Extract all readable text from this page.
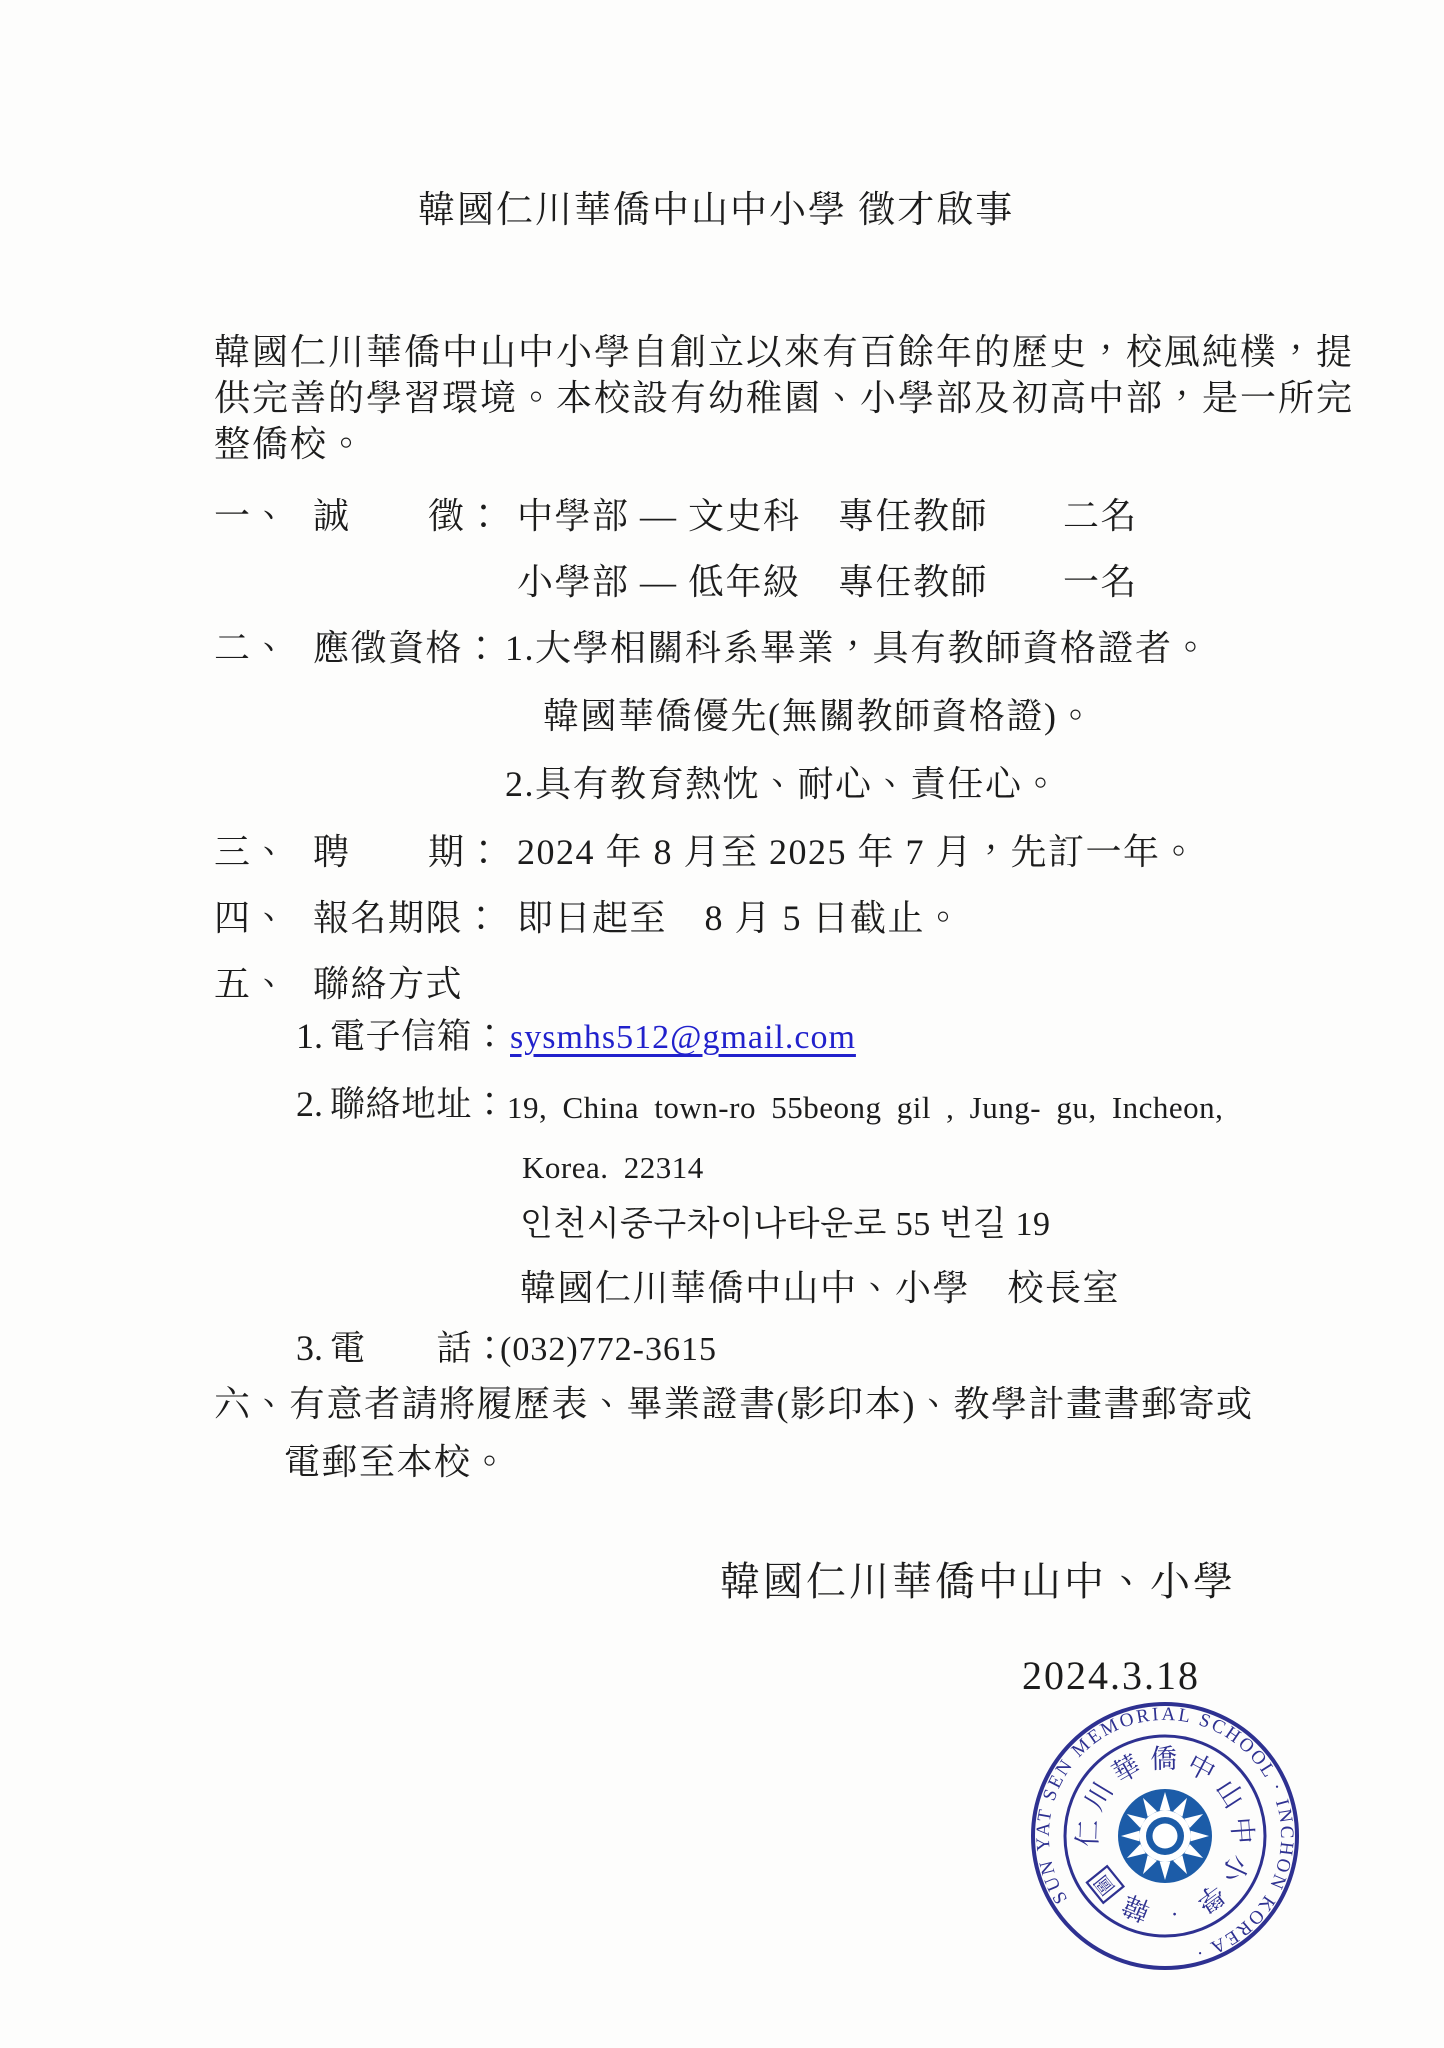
韓國仁川華僑中山中小學 徵才啟事
韓國仁川華僑中山中小學自創立以來有百餘年的歷史，校風純樸，提
供完善的學習環境。本校設有幼稚園、小學部及初高中部，是一所完
整僑校。
一、 誠 徵： 中學部 — 文史科　專任教師　　二名
小學部 — 低年級　專任教師　　一名
二、 應徵資格： 1.大學相關科系畢業，具有教師資格證者。
韓國華僑優先(無關教師資格證)。
2.具有教育熱忱、耐心、責任心。
三、 聘 期： 2024 年 8 月至 2025 年 7 月，先訂一年。
四、 報名期限： 即日起至　8 月 5 日截止。
五、 聯絡方式
1. 電子信箱： sysmhs512@gmail.com
2. 聯絡地址： 19, China town-ro 55beong gil , Jung- gu, Incheon,
Korea. 22314
인천시중구차이나타운로 55 번길 19
韓國仁川華僑中山中、小學　校長室
3. 電　　話：
(032)772-3615
六、有意者請將履歷表、畢業證書(影印本)、教學計畫書郵寄或
電郵至本校。
韓國仁川華僑中山中、小學
2024.3.18
SUN YAT SEN MEMORIAL SCHOOL · INCHON KOREA ·
仁
川
華 僑 中
山
中
小
學
・
韓
圖
